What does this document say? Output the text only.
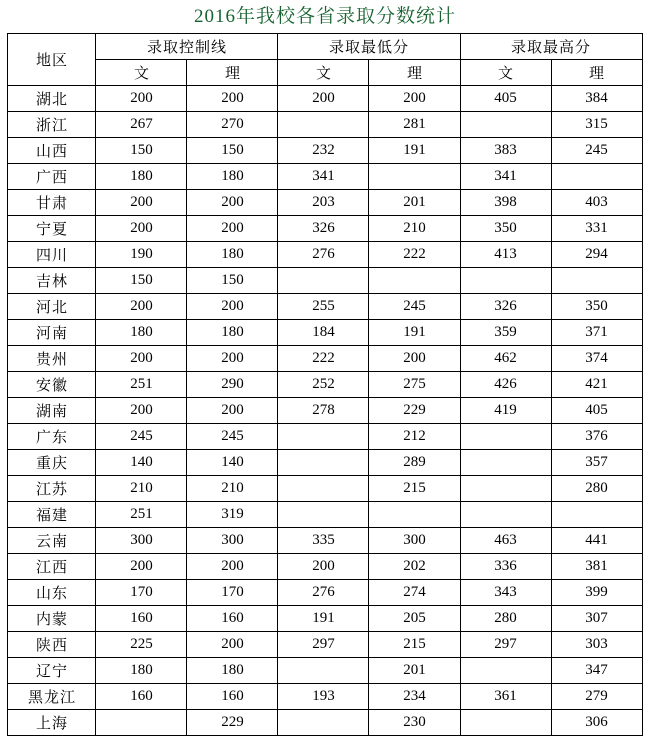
2016年我校各省录取分数统计
地区	录取控制线		录取最低分		录取最高分	
	文	理	文	理	文	理
湖北	200	200	200	200	405	384
浙江	267	270		281		315
山西	150	150	232	191	383	245
广西	180	180	341		341	
甘肃	200	200	203	201	398	403
宁夏	200	200	326	210	350	331
四川	190	180	276	222	413	294
吉林	150	150				
河北	200	200	255	245	326	350
河南	180	180	184	191	359	371
贵州	200	200	222	200	462	374
安徽	251	290	252	275	426	421
湖南	200	200	278	229	419	405
广东	245	245		212		376
重庆	140	140		289		357
江苏	210	210		215		280
福建	251	319				
云南	300	300	335	300	463	441
江西	200	200	200	202	336	381
山东	170	170	276	274	343	399
内蒙	160	160	191	205	280	307
陕西	225	200	297	215	297	303
辽宁	180	180		201		347
黑龙江	160	160	193	234	361	279
上海		229		230		306
